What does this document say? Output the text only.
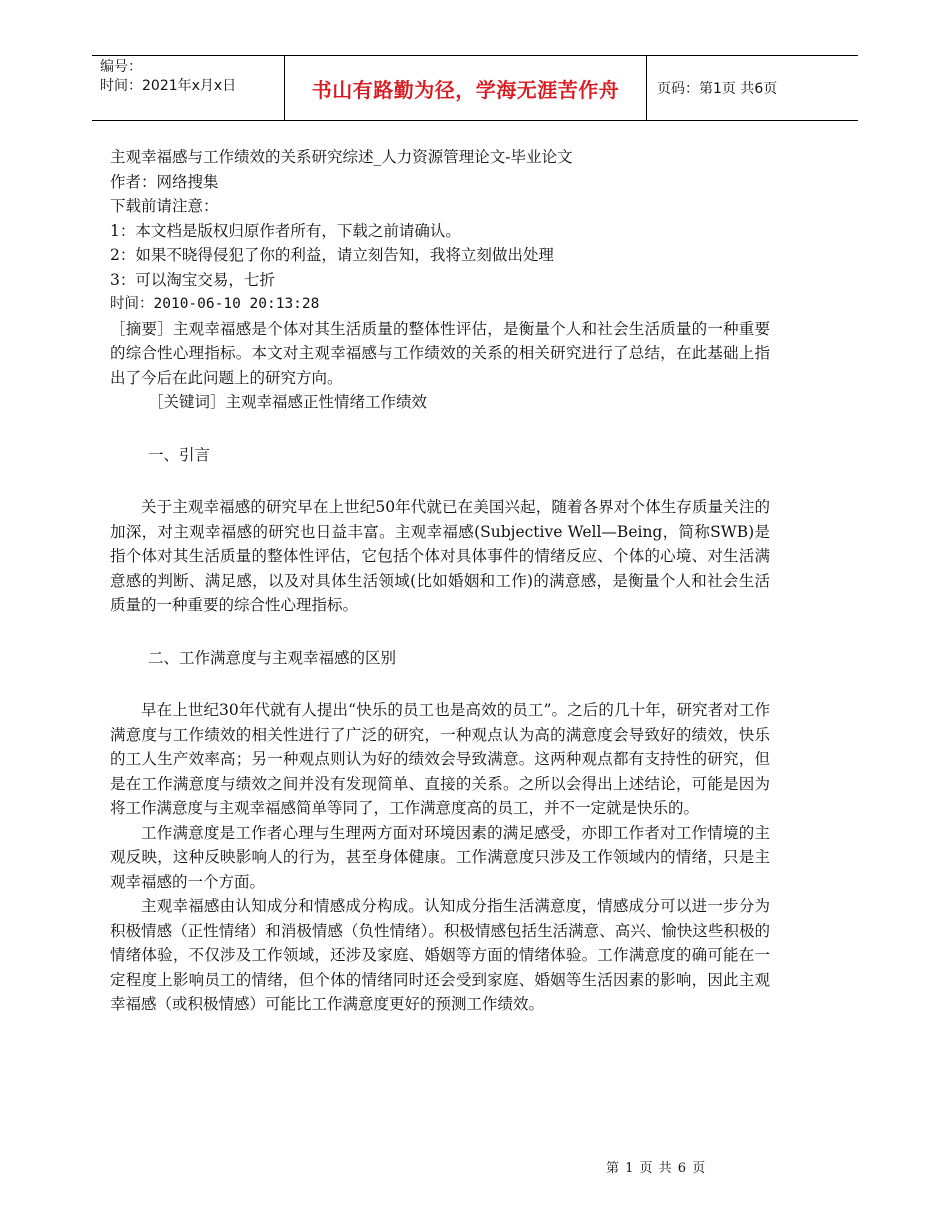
编号：
时间：2021年x月x日	书山有路勤为径，学海无涯苦作舟	页码：第1页 共6页
主观幸福感与工作绩效的关系研究综述_人力资源管理论文-毕业论文
作者：网络搜集
下载前请注意：
1：本文档是版权归原作者所有，下载之前请确认。
2：如果不晓得侵犯了你的利益，请立刻告知，我将立刻做出处理
3：可以淘宝交易，七折
时间：2010-06-10 20:13:28

［摘要］主观幸福感是个体对其生活质量的整体性评估，是衡量个人和社会生活质量的一种重要的综合性心理指标。本文对主观幸福感与工作绩效的关系的相关研究进行了总结，在此基础上指出了今后在此问题上的研究方向。

［关键词］主观幸福感正性情绪工作绩效

一、引言

关于主观幸福感的研究早在上世纪50年代就已在美国兴起，随着各界对个体生存质量关注的加深，对主观幸福感的研究也日益丰富。主观幸福感(Subjective Well—Being，简称SWB)是指个体对其生活质量的整体性评估，它包括个体对具体事件的情绪反应、个体的心境、对生活满意感的判断、满足感，以及对具体生活领域(比如婚姻和工作)的满意感，是衡量个人和社会生活质量的一种重要的综合性心理指标。

二、工作满意度与主观幸福感的区别

早在上世纪30年代就有人提出“快乐的员工也是高效的员工”。之后的几十年，研究者对工作满意度与工作绩效的相关性进行了广泛的研究，一种观点认为高的满意度会导致好的绩效，快乐的工人生产效率高；另一种观点则认为好的绩效会导致满意。这两种观点都有支持性的研究，但是在工作满意度与绩效之间并没有发现简单、直接的关系。之所以会得出上述结论，可能是因为将工作满意度与主观幸福感简单等同了，工作满意度高的员工，并不一定就是快乐的。

工作满意度是工作者心理与生理两方面对环境因素的满足感受，亦即工作者对工作情境的主观反映，这种反映影响人的行为，甚至身体健康。工作满意度只涉及工作领域内的情绪，只是主观幸福感的一个方面。

主观幸福感由认知成分和情感成分构成。认知成分指生活满意度，情感成分可以进一步分为积极情感（正性情绪）和消极情感（负性情绪）。积极情感包括生活满意、高兴、愉快这些积极的情绪体验，不仅涉及工作领域，还涉及家庭、婚姻等方面的情绪体验。工作满意度的确可能在一定程度上影响员工的情绪，但个体的情绪同时还会受到家庭、婚姻等生活因素的影响，因此主观幸福感（或积极情感）可能比工作满意度更好的预测工作绩效。

第 1 页 共 6 页
